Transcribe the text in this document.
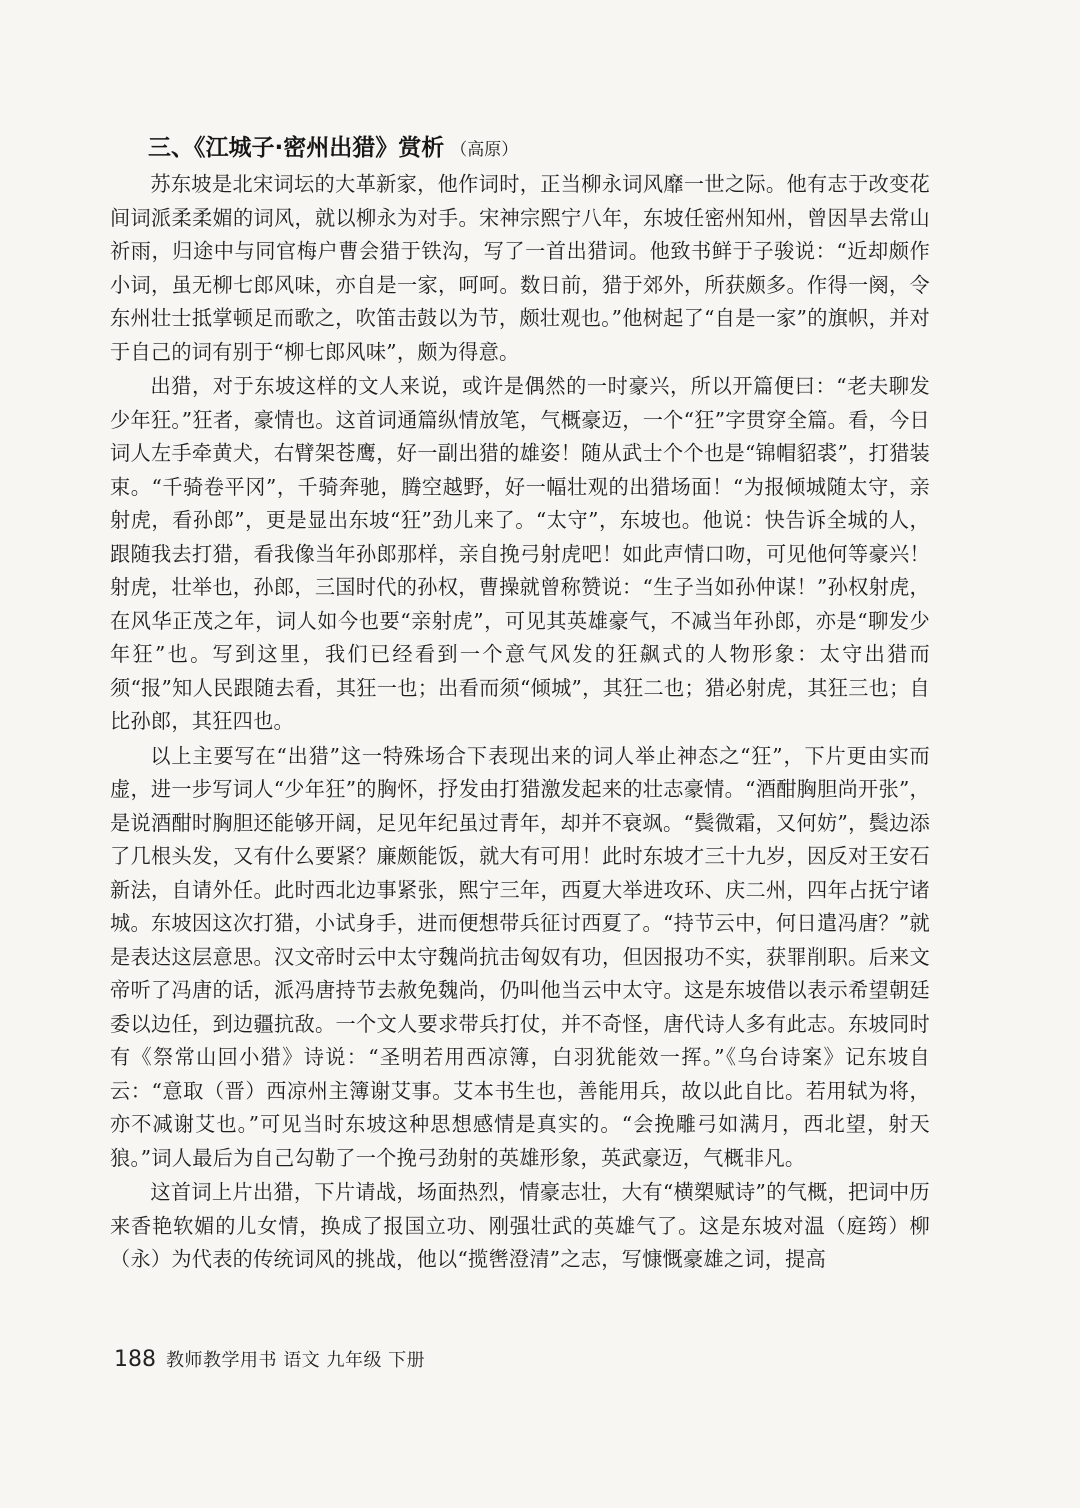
三、《江城子·密州出猎》赏析 （高原）

苏东坡是北宋词坛的大革新家，他作词时，正当柳永词风靡一世之际。他有志于改变花间词派柔柔媚的词风，就以柳永为对手。宋神宗熙宁八年，东坡任密州知州，曾因旱去常山祈雨，归途中与同官梅户曹会猎于铁沟，写了一首出猎词。他致书鲜于子骏说：“近却颇作小词，虽无柳七郎风味，亦自是一家，呵呵。数日前，猎于郊外，所获颇多。作得一阕，令东州壮士抵掌顿足而歌之，吹笛击鼓以为节，颇壮观也。”他树起了“自是一家”的旗帜，并对于自己的词有别于“柳七郎风味”，颇为得意。

出猎，对于东坡这样的文人来说，或许是偶然的一时豪兴，所以开篇便曰：“老夫聊发少年狂。”狂者，豪情也。这首词通篇纵情放笔，气概豪迈，一个“狂”字贯穿全篇。看，今日词人左手牵黄犬，右臂架苍鹰，好一副出猎的雄姿！随从武士个个也是“锦帽貂裘”，打猎装束。“千骑卷平冈”，千骑奔驰，腾空越野，好一幅壮观的出猎场面！“为报倾城随太守，亲射虎，看孙郎”，更是显出东坡“狂”劲儿来了。“太守”，东坡也。他说：快告诉全城的人，跟随我去打猎，看我像当年孙郎那样，亲自挽弓射虎吧！如此声情口吻，可见他何等豪兴！射虎，壮举也，孙郎，三国时代的孙权，曹操就曾称赞说：“生子当如孙仲谋！”孙权射虎，在风华正茂之年，词人如今也要“亲射虎”，可见其英雄豪气，不减当年孙郎，亦是“聊发少年狂”也。写到这里，我们已经看到一个意气风发的狂飙式的人物形象：太守出猎而须“报”知人民跟随去看，其狂一也；出看而须“倾城”，其狂二也；猎必射虎，其狂三也；自比孙郎，其狂四也。

以上主要写在“出猎”这一特殊场合下表现出来的词人举止神态之“狂”，下片更由实而虚，进一步写词人“少年狂”的胸怀，抒发由打猎激发起来的壮志豪情。“酒酣胸胆尚开张”，是说酒酣时胸胆还能够开阔，足见年纪虽过青年，却并不衰飒。“鬓微霜，又何妨”，鬓边添了几根头发，又有什么要紧？廉颇能饭，就大有可用！此时东坡才三十九岁，因反对王安石新法，自请外任。此时西北边事紧张，熙宁三年，西夏大举进攻环、庆二州，四年占抚宁诸城。东坡因这次打猎，小试身手，进而便想带兵征讨西夏了。“持节云中，何日遣冯唐？”就是表达这层意思。汉文帝时云中太守魏尚抗击匈奴有功，但因报功不实，获罪削职。后来文帝听了冯唐的话，派冯唐持节去赦免魏尚，仍叫他当云中太守。这是东坡借以表示希望朝廷委以边任，到边疆抗敌。一个文人要求带兵打仗，并不奇怪，唐代诗人多有此志。东坡同时有《祭常山回小猎》诗说：“圣明若用西凉簿，白羽犹能效一挥。”《乌台诗案》记东坡自云：“意取（晋）西凉州主簿谢艾事。艾本书生也，善能用兵，故以此自比。若用轼为将，亦不减谢艾也。”可见当时东坡这种思想感情是真实的。“会挽雕弓如满月，西北望，射天狼。”词人最后为自己勾勒了一个挽弓劲射的英雄形象，英武豪迈，气概非凡。

这首词上片出猎，下片请战，场面热烈，情豪志壮，大有“横槊赋诗”的气概，把词中历来香艳软媚的儿女情，换成了报国立功、刚强壮武的英雄气了。这是东坡对温（庭筠）柳（永）为代表的传统词风的挑战，他以“揽辔澄清”之志，写慷慨豪雄之词，提高

188 教师教学用书 语文 九年级 下册
